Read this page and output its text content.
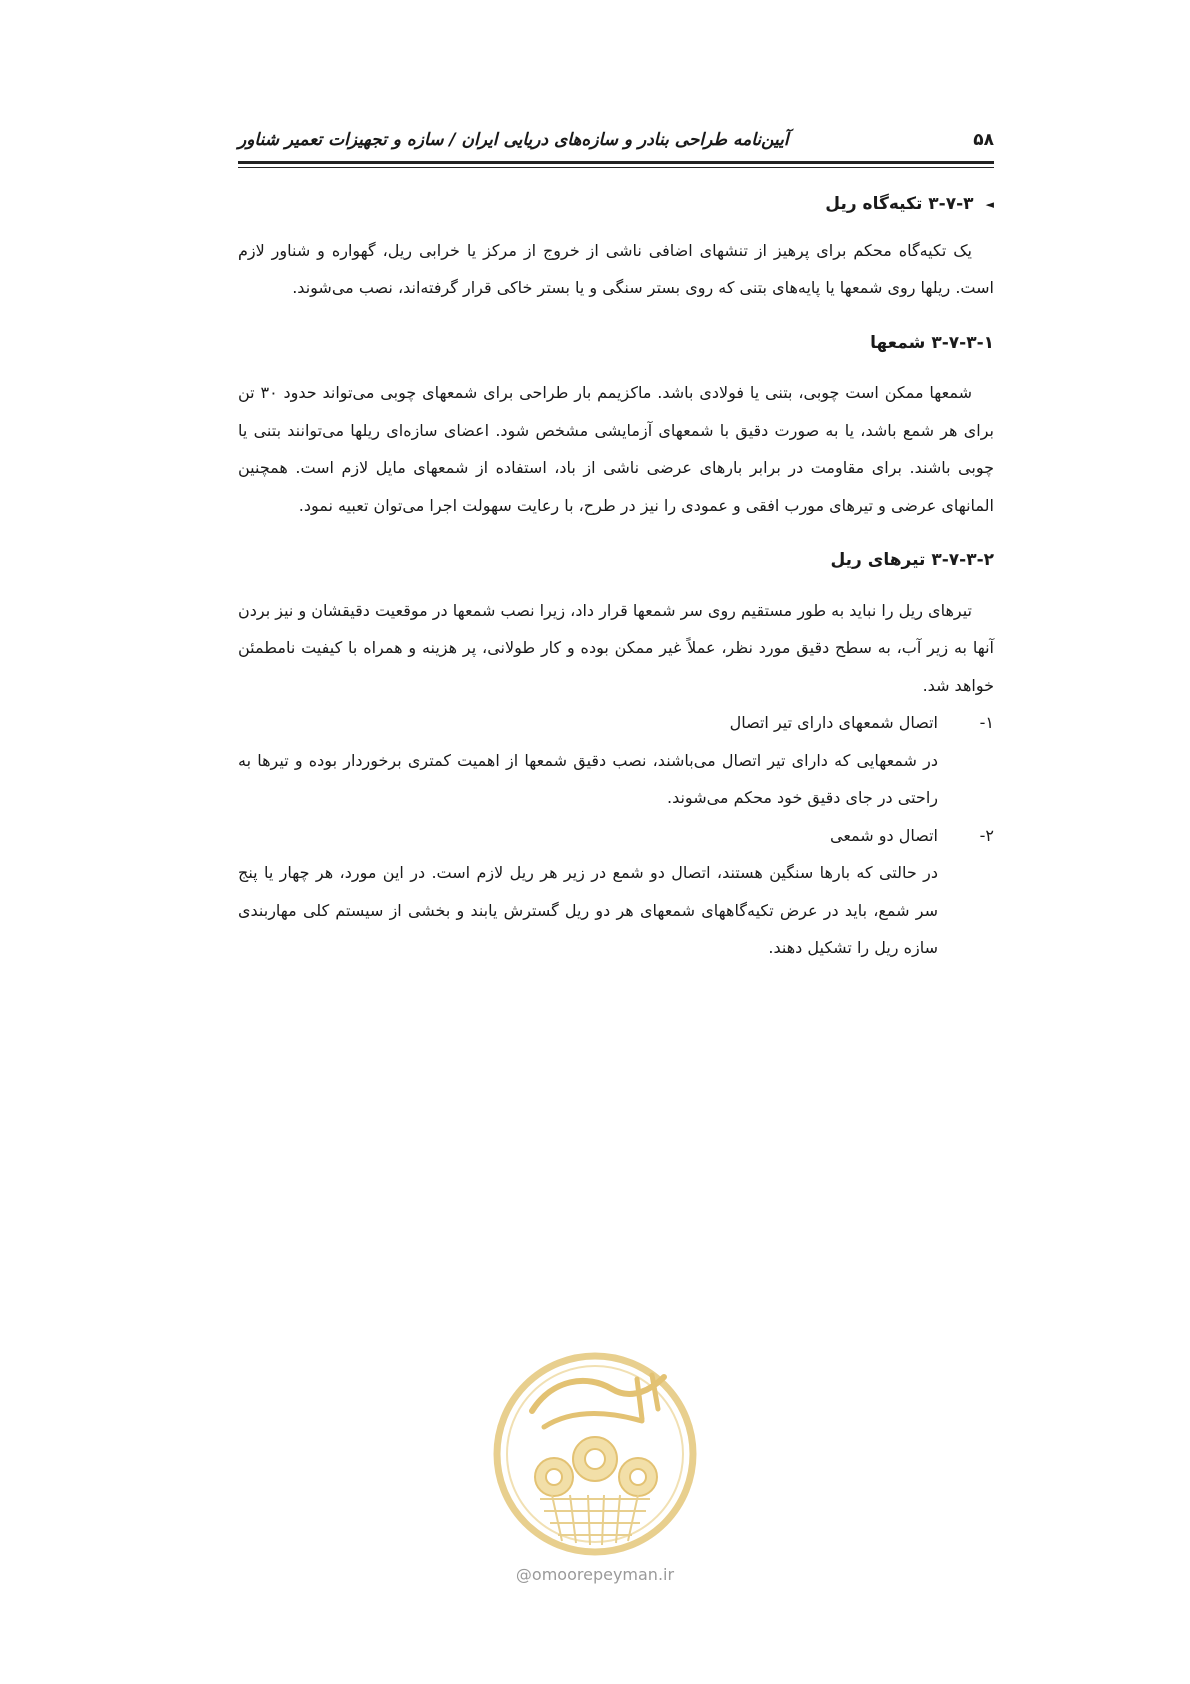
۵۸
آیین‌نامه طراحی بنادر و سازه‌های دریایی ایران / سازه و تجهیزات تعمیر شناور
◄
۳-۷-۳ تکیه‌گاه ریل

یک تکیه‌گاه محکم برای پرهیز از تنشهای اضافی ناشی از خروج از مرکز یا خرابی ریل، گهواره و شناور لازم است. ریلها روی شمعها یا پایه‌های بتنی که روی بستر سنگی و یا بستر خاکی قرار گرفته‌اند، نصب می‌شوند.

۳-۷-۳-۱ شمعها

شمعها ممکن است چوبی، بتنی یا فولادی باشد. ماکزیمم بار طراحی برای شمعهای چوبی می‌تواند حدود ۳۰ تن برای هر شمع باشد، یا به صورت دقیق با شمعهای آزمایشی مشخص شود. اعضای سازه‌ای ریلها می‌توانند بتنی یا چوبی باشند. برای مقاومت در برابر بارهای عرضی ناشی از باد، استفاده از شمعهای مایل لازم است. همچنین المانهای عرضی و تیرهای مورب افقی و عمودی را نیز در طرح، با رعایت سهولت اجرا می‌توان تعبیه نمود.

۳-۷-۳-۲ تیرهای ریل

تیرهای ریل را نباید به طور مستقیم روی سر شمعها قرار داد، زیرا نصب شمعها در موقعیت دقیقشان و نیز بردن آنها به زیر آب، به سطح دقیق مورد نظر، عملاً غیر ممکن بوده و کار طولانی، پر هزینه و همراه با کیفیت نامطمئن خواهد شد.

۱-
اتصال شمعهای دارای تیر اتصال

در شمعهایی که دارای تیر اتصال می‌باشند، نصب دقیق شمعها از اهمیت کمتری برخوردار بوده و تیرها به راحتی در جای دقیق خود محکم می‌شوند.

۲-
اتصال دو شمعی

در حالتی که بارها سنگین هستند، اتصال دو شمع در زیر هر ریل لازم است. در این مورد، هر چهار یا پنج سر شمع، باید در عرض تکیه‌گاههای شمعهای هر دو ریل گسترش یابند و بخشی از سیستم کلی مهاربندی سازه ریل را تشکیل دهند.

@omoorepeyman.ir
